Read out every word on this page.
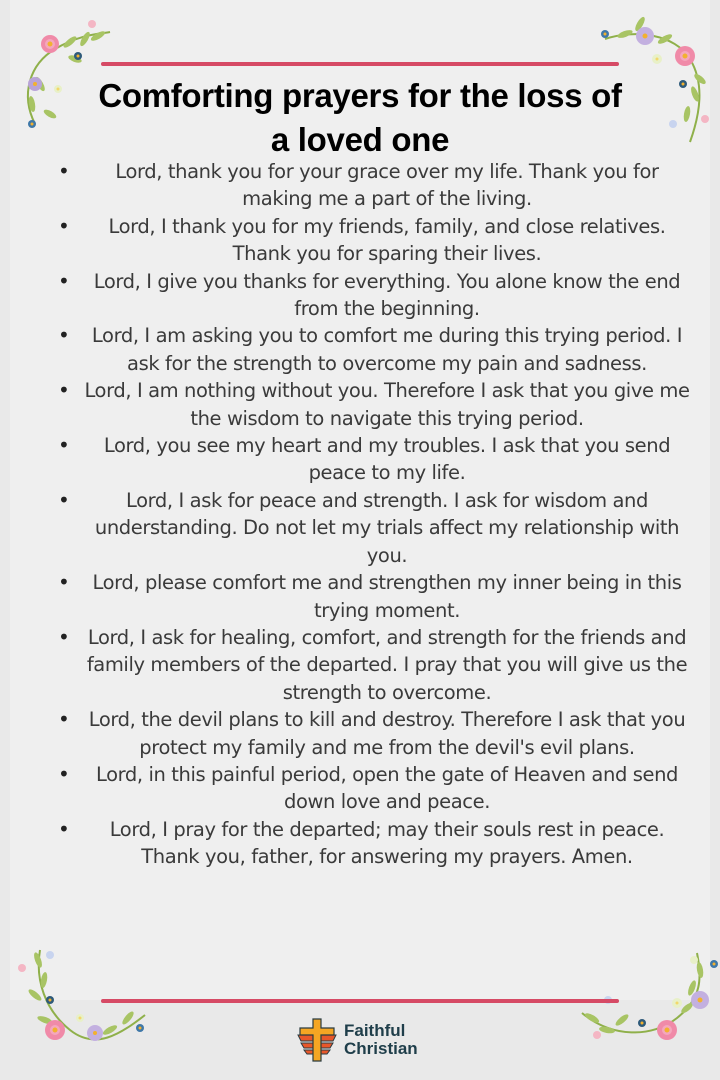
Comforting prayers for the loss of
a loved one
• Lord, thank you for your grace over my life. Thank you for making me a part of the living.
• Lord, I thank you for my friends, family, and close relatives. Thank you for sparing their lives.
• Lord, I give you thanks for everything. You alone know the end from the beginning.
• Lord, I am asking you to comfort me during this trying period. I ask for the strength to overcome my pain and sadness.
• Lord, I am nothing without you. Therefore I ask that you give me the wisdom to navigate this trying period.
• Lord, you see my heart and my troubles. I ask that you send peace to my life.
•	Lord, I ask for peace and strength. I ask for wisdom and understanding. Do not let my trials affect my relationship with you.
• Lord, please comfort me and strengthen my inner being in this trying moment.
• Lord, I ask for healing, comfort, and strength for the friends and family members of the departed. I pray that you will give us the strength to overcome.
• Lord, the devil plans to kill and destroy. Therefore I ask that you protect my family and me from the devil's evil plans.
• Lord, in this painful period, open the gate of Heaven and send down love and peace.
• Lord, I pray for the departed; may their souls rest in peace. Thank you, father, for answering my prayers. Amen.
Faithful
Christian
